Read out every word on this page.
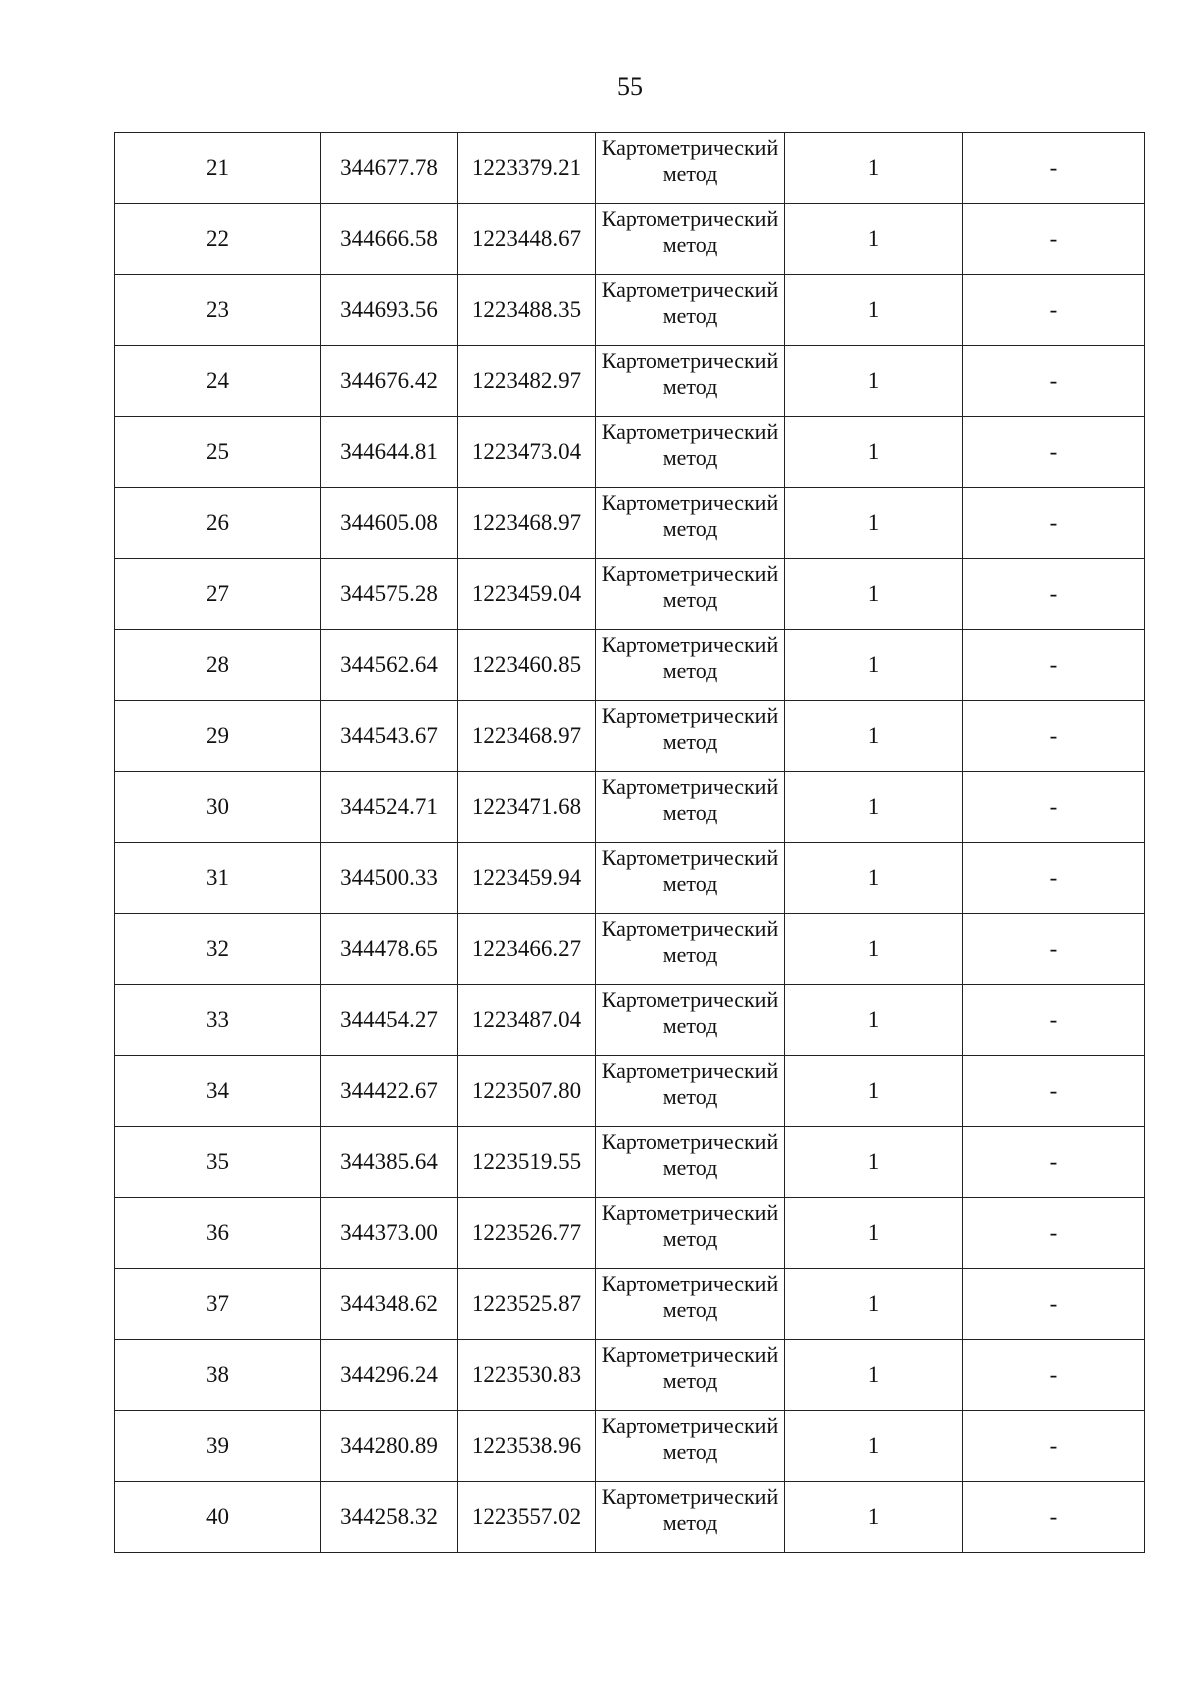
55
21	344677.78	1223379.21	Картометрический метод	1	-
22	344666.58	1223448.67	Картометрический метод	1	-
23	344693.56	1223488.35	Картометрический метод	1	-
24	344676.42	1223482.97	Картометрический метод	1	-
25	344644.81	1223473.04	Картометрический метод	1	-
26	344605.08	1223468.97	Картометрический метод	1	-
27	344575.28	1223459.04	Картометрический метод	1	-
28	344562.64	1223460.85	Картометрический метод	1	-
29	344543.67	1223468.97	Картометрический метод	1	-
30	344524.71	1223471.68	Картометрический метод	1	-
31	344500.33	1223459.94	Картометрический метод	1	-
32	344478.65	1223466.27	Картометрический метод	1	-
33	344454.27	1223487.04	Картометрический метод	1	-
34	344422.67	1223507.80	Картометрический метод	1	-
35	344385.64	1223519.55	Картометрический метод	1	-
36	344373.00	1223526.77	Картометрический метод	1	-
37	344348.62	1223525.87	Картометрический метод	1	-
38	344296.24	1223530.83	Картометрический метод	1	-
39	344280.89	1223538.96	Картометрический метод	1	-
40	344258.32	1223557.02	Картометрический метод	1	-
